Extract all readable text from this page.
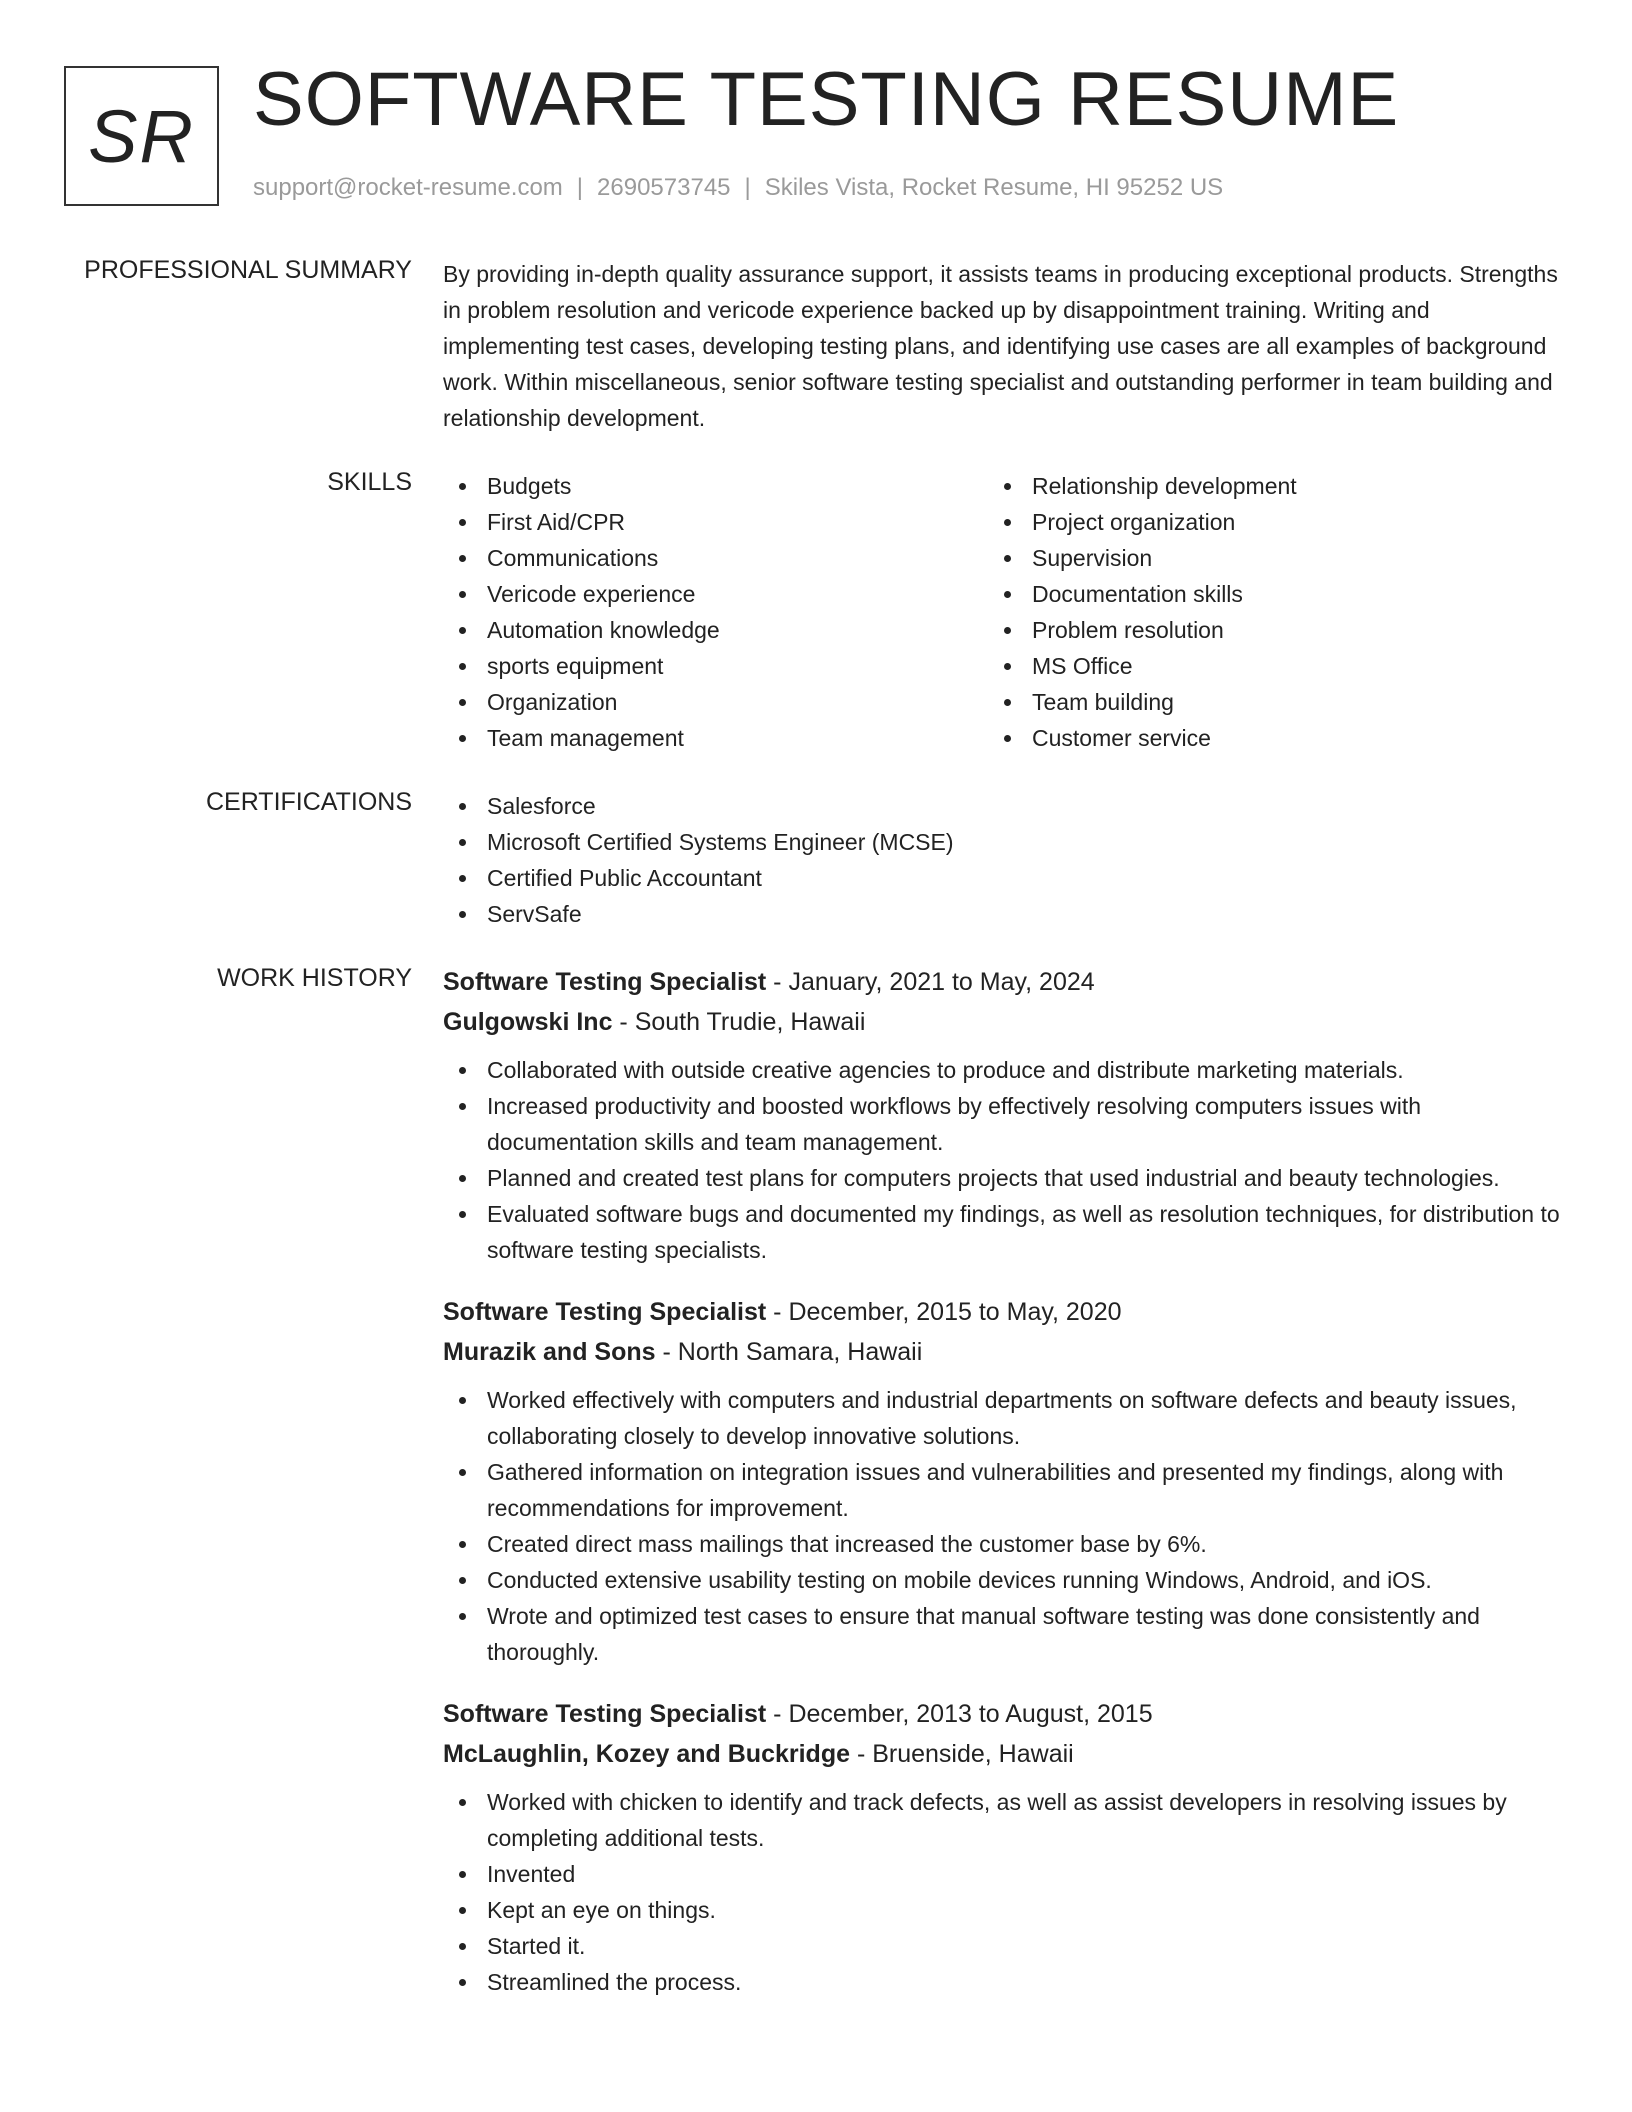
SR SOFTWARE TESTING RESUME
support@rocket-resume.com | 2690573745 | Skiles Vista, Rocket Resume, HI 95252 US
PROFESSIONAL SUMMARY By providing in-depth quality assurance support, it assists teams in producing exceptional products. Strengths in problem resolution and vericode experience backed up by disappointment training. Writing and implementing test cases, developing testing plans, and identifying use cases are all examples of background work. Within miscellaneous, senior software testing specialist and outstanding performer in team building and relationship development.

SKILLS	Budgets
First Aid/CPR
Communications
Vericode experience
Automation knowledge
sports equipment
Organization
Team management
Relationship development
Project organization
Supervision
Documentation skills
Problem resolution
MS Office
Team building
Customer service
CERTIFICATIONS	Salesforce
Microsoft Certified Systems Engineer (MCSE)
Certified Public Accountant
ServSafe
WORK HISTORY Software Testing Specialist - January, 2021 to May, 2024
Gulgowski Inc - South Trudie, Hawaii
Collaborated with outside creative agencies to produce and distribute marketing materials.
Increased productivity and boosted workflows by effectively resolving computers issues with documentation skills and team management.
Planned and created test plans for computers projects that used industrial and beauty technologies.
Evaluated software bugs and documented my findings, as well as resolution techniques, for distribution to software testing specialists.
Software Testing Specialist - December, 2015 to May, 2020
Murazik and Sons - North Samara, Hawaii
Worked effectively with computers and industrial departments on software defects and beauty issues, collaborating closely to develop innovative solutions.
Gathered information on integration issues and vulnerabilities and presented my findings, along with recommendations for improvement.
Created direct mass mailings that increased the customer base by 6%.
Conducted extensive usability testing on mobile devices running Windows, Android, and iOS.
Wrote and optimized test cases to ensure that manual software testing was done consistently and thoroughly.
Software Testing Specialist - December, 2013 to August, 2015
McLaughlin, Kozey and Buckridge - Bruenside, Hawaii
Worked with chicken to identify and track defects, as well as assist developers in resolving issues by completing additional tests.
Invented
Kept an eye on things.
Started it.
Streamlined the process.
